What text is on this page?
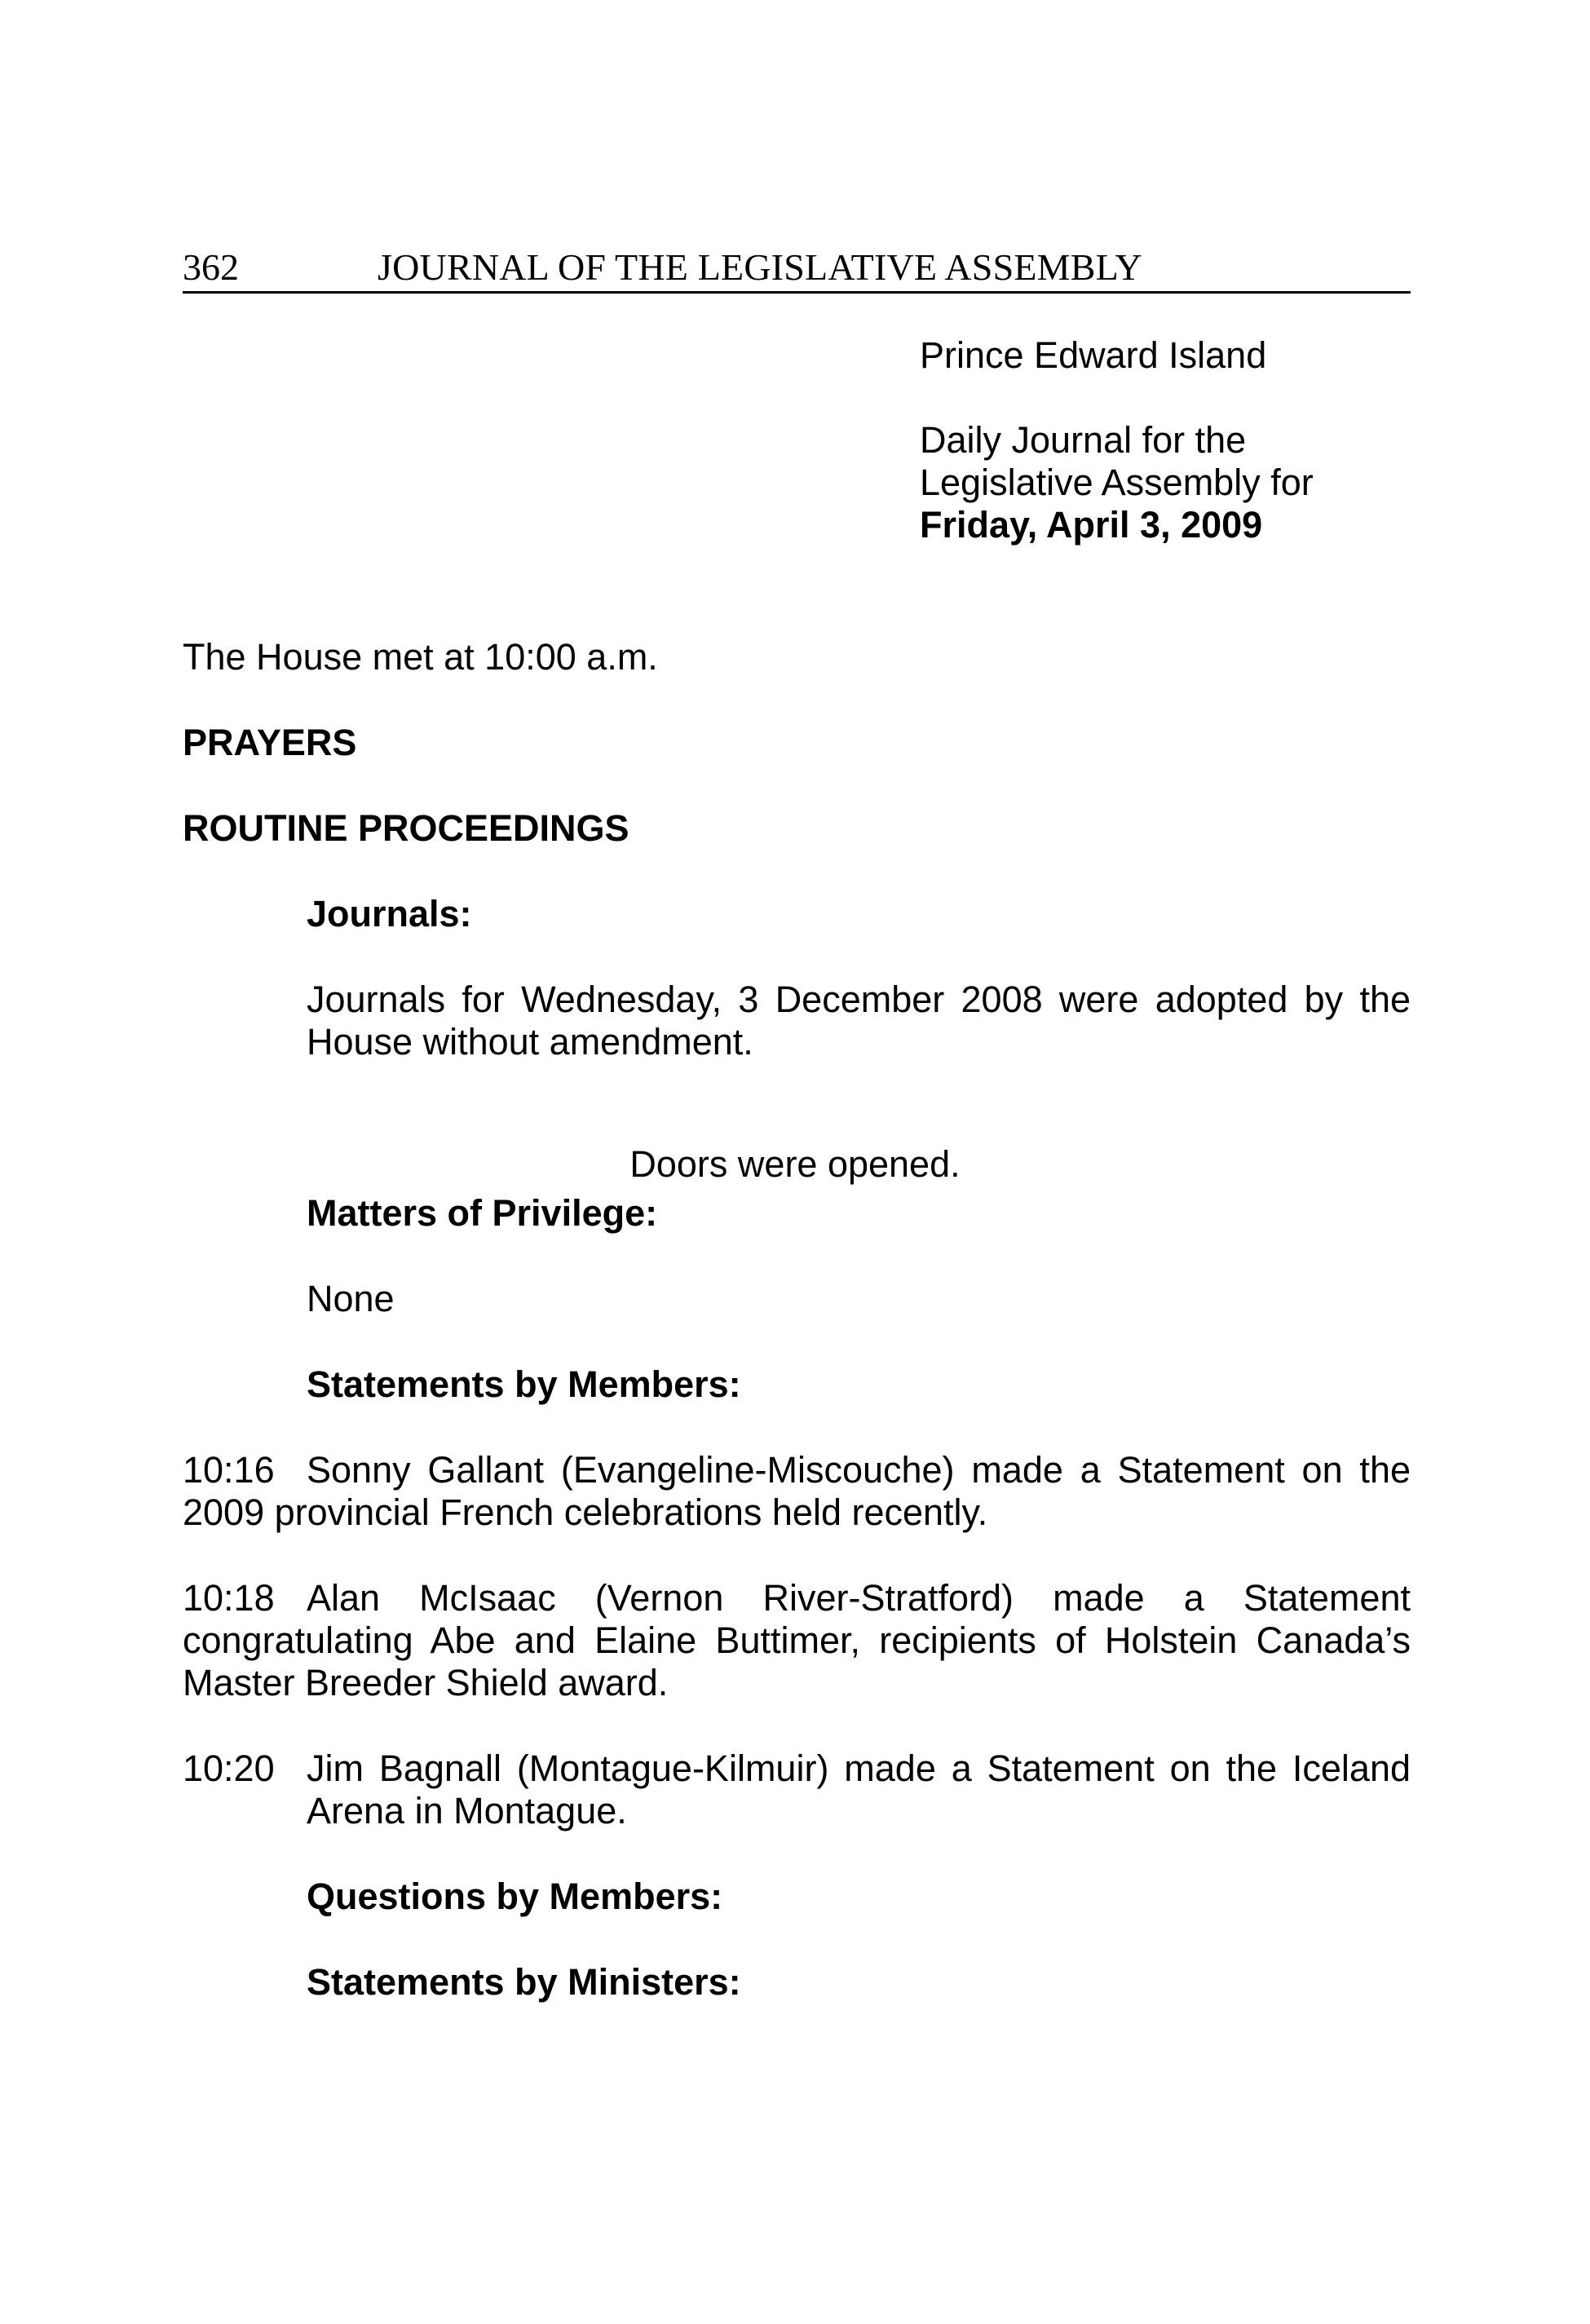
362	JOURNAL OF THE LEGISLATIVE ASSEMBLY

Prince Edward Island

Daily Journal for the

Legislative Assembly for

Friday, April 3, 2009

The House met at 10:00 a.m.

PRAYERS

ROUTINE PROCEEDINGS

Journals:

Journals for Wednesday, 3 December 2008 were adopted by the House without amendment.

Doors were opened.

Matters of Privilege:

None

Statements by Members:

10:16 Sonny Gallant (Evangeline-Miscouche) made a Statement on the 2009 provincial French celebrations held recently.

10:18 Alan McIsaac (Vernon River-Stratford) made a Statement congratulating Abe and Elaine Buttimer, recipients of Holstein Canada’s Master Breeder Shield award.

10:20 Jim Bagnall (Montague-Kilmuir) made a Statement on the Iceland Arena in Montague.

Questions by Members:

Statements by Ministers:
